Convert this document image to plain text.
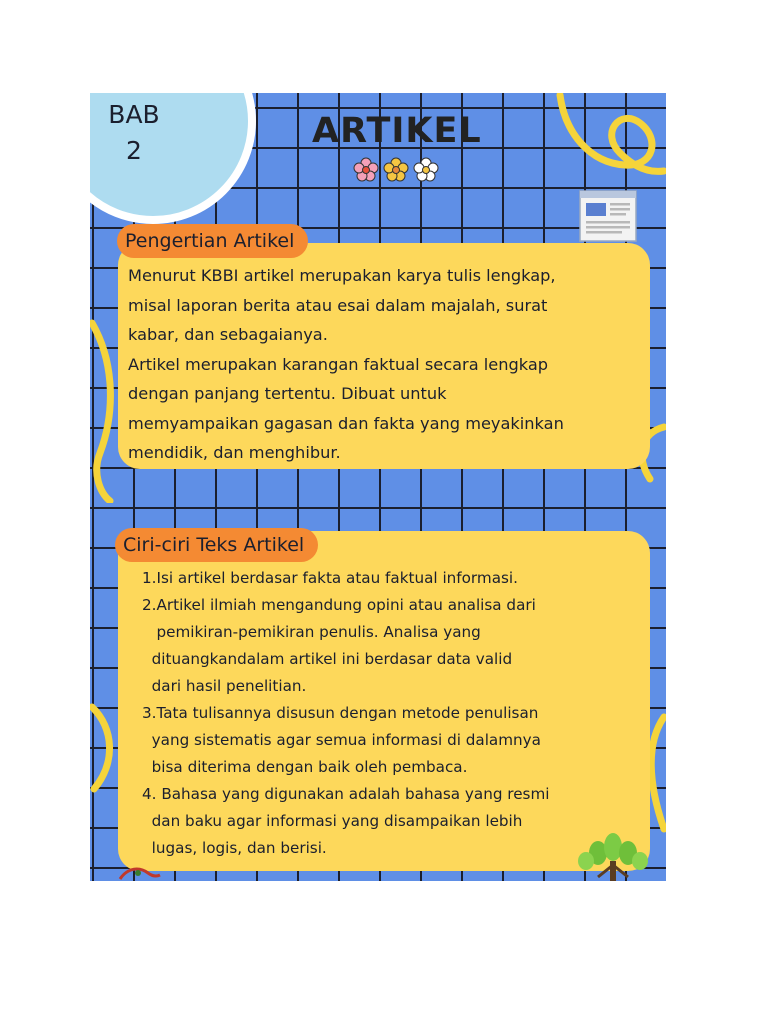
BAB
2	ARTIKEL
Pengertian Artikel
Menurut KBBI artikel merupakan karya tulis lengkap,
misal laporan berita atau esai dalam majalah, surat
kabar, dan sebagaianya.
Artikel merupakan karangan faktual secara lengkap
dengan panjang tertentu. Dibuat untuk
memyampaikan gagasan dan fakta yang meyakinkan
mendidik, dan menghibur.
Ciri-ciri Teks Artikel
1.Isi artikel berdasar fakta atau faktual informasi.
2.Artikel ilmiah mengandung opini atau analisa dari
pemikiran-pemikiran penulis. Analisa yang
dituangkandalam artikel ini berdasar data valid
dari hasil penelitian.
3.Tata tulisannya disusun dengan metode penulisan
yang sistematis agar semua informasi di dalamnya
bisa diterima dengan baik oleh pembaca.
4. Bahasa yang digunakan adalah bahasa yang resmi
dan baku agar informasi yang disampaikan lebih
lugas, logis, dan berisi.
